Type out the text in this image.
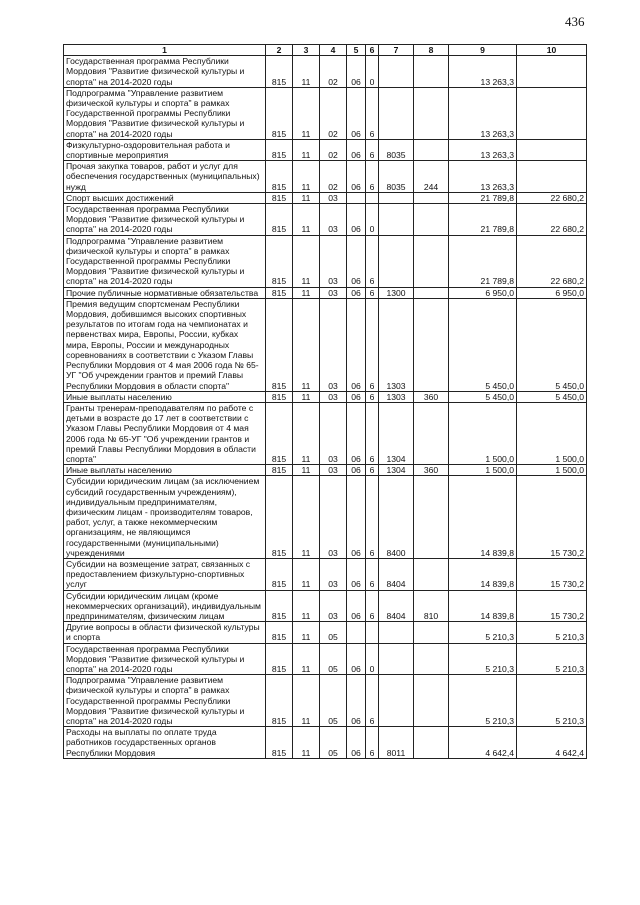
436
1	2	3	4	5	6	7	8	9	10
Государственная программа Республики Мордовия "Развитие физической культуры и спорта" на 2014-2020 годы	815	11	02	06	0			13 263,3	
Подпрограмма "Управление развитием физической культуры и спорта" в рамках Государственной программы Республики Мордовия "Развитие физической культуры и спорта" на 2014-2020 годы	815	11	02	06	6			13 263,3	
Физкультурно-оздоровительная работа и спортивные мероприятия	815	11	02	06	6	8035		13 263,3	
Прочая закупка товаров, работ и услуг для обеспечения государственных (муниципальных) нужд	815	11	02	06	6	8035	244	13 263,3	
Спорт высших достижений	815	11	03					21 789,8	22 680,2
Государственная программа Республики Мордовия "Развитие физической культуры и спорта" на 2014-2020 годы	815	11	03	06	0			21 789,8	22 680,2
Подпрограмма "Управление развитием физической культуры и спорта" в рамках Государственной программы Республики Мордовия "Развитие физической культуры и спорта" на 2014-2020 годы	815	11	03	06	6			21 789,8	22 680,2
Прочие публичные нормативные обязательства	815	11	03	06	6	1300		6 950,0	6 950,0
Премия ведущим спортсменам Республики Мордовия, добившимся высоких спортивных результатов по итогам года на чемпионатах и первенствах мира, Европы, России, кубках мира, Европы, России и международных соревнованиях в соответствии с Указом Главы Республики Мордовия от 4 мая 2006 года № 65-УГ "Об учреждении грантов и премий Главы Республики Мордовия в области спорта"	815	11	03	06	6	1303		5 450,0	5 450,0
Иные выплаты населению	815	11	03	06	6	1303	360	5 450,0	5 450,0
Гранты тренерам-преподавателям по работе с детьми в возрасте до 17 лет в соответствии с Указом Главы Республики Мордовия от 4 мая 2006 года № 65-УГ "Об учреждении грантов и премий Главы Республики Мордовия в области спорта"	815	11	03	06	6	1304		1 500,0	1 500,0
Иные выплаты населению	815	11	03	06	6	1304	360	1 500,0	1 500,0
Субсидии юридическим лицам (за исключением субсидий государственным учреждениям), индивидуальным предпринимателям, физическим лицам - производителям товаров, работ, услуг, а также некоммерческим организациям, не являющимся государственными (муниципальными) учреждениями	815	11	03	06	6	8400		14 839,8	15 730,2
Субсидии на возмещение затрат, связанных с предоставлением физкультурно-спортивных услуг	815	11	03	06	6	8404		14 839,8	15 730,2
Субсидии юридическим лицам (кроме некоммерческих организаций), индивидуальным предпринимателям, физическим лицам	815	11	03	06	6	8404	810	14 839,8	15 730,2
Другие вопросы в области физической культуры и спорта	815	11	05					5 210,3	5 210,3
Государственная программа Республики Мордовия "Развитие физической культуры и спорта" на 2014-2020 годы	815	11	05	06	0			5 210,3	5 210,3
Подпрограмма "Управление развитием физической культуры и спорта" в рамках Государственной программы Республики Мордовия "Развитие физической культуры и спорта" на 2014-2020 годы	815	11	05	06	6			5 210,3	5 210,3
Расходы на выплаты по оплате труда работников государственных органов Республики Мордовия	815	11	05	06	6	8011		4 642,4	4 642,4
